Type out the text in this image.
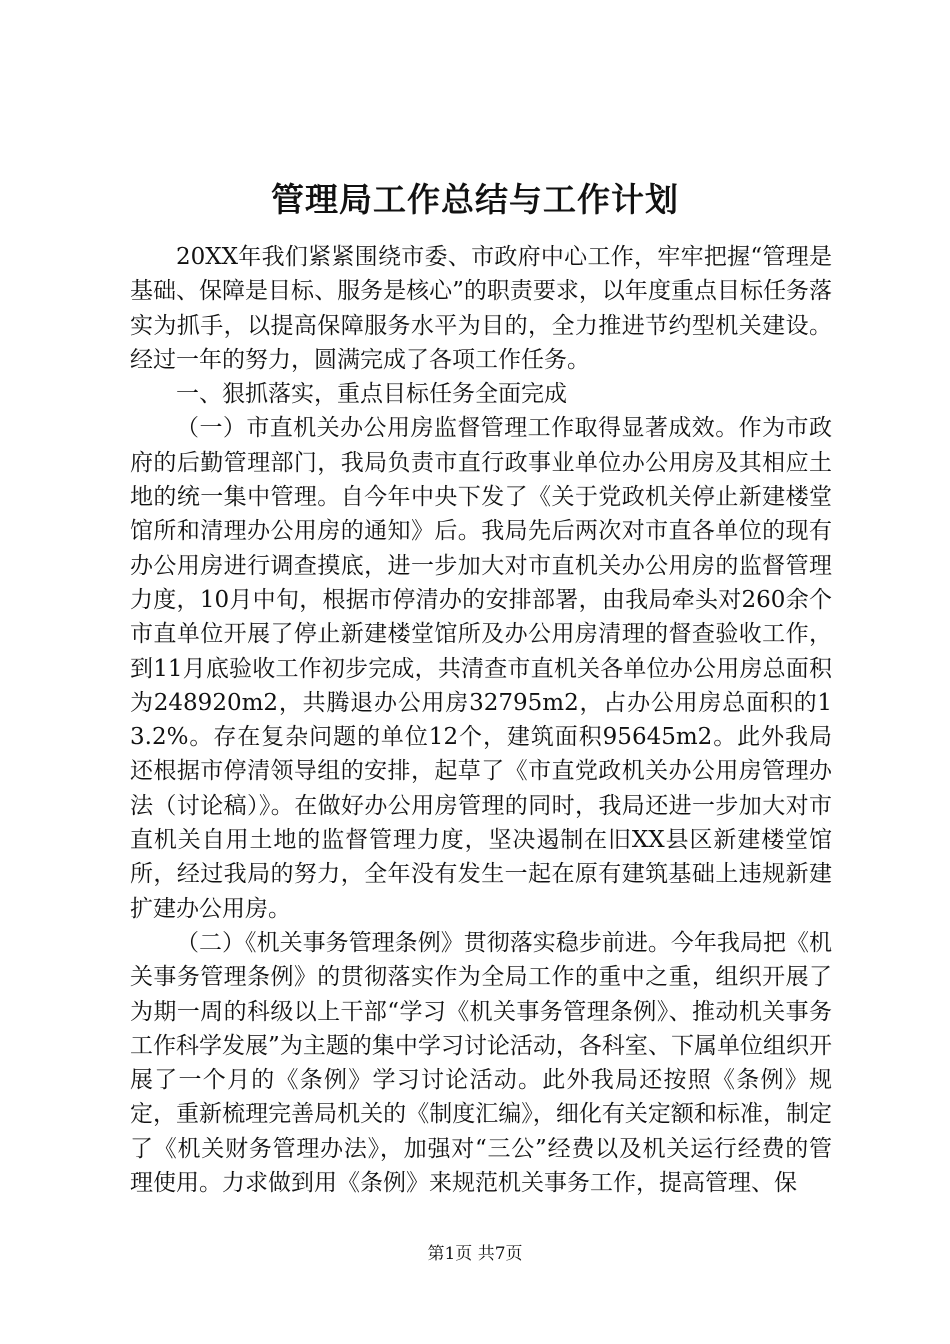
管理局工作总结与工作计划

20XX年我们紧紧围绕市委、市政府中心工作，牢牢把握“管理是基础、保障是目标、服务是核心”的职责要求，以年度重点目标任务落实为抓手，以提高保障服务水平为目的，全力推进节约型机关建设。经过一年的努力，圆满完成了各项工作任务。

一、狠抓落实，重点目标任务全面完成

（一）市直机关办公用房监督管理工作取得显著成效。作为市政府的后勤管理部门，我局负责市直行政事业单位办公用房及其相应土地的统一集中管理。自今年中央下发了《关于党政机关停止新建楼堂馆所和清理办公用房的通知》后。我局先后两次对市直各单位的现有办公用房进行调查摸底，进一步加大对市直机关办公用房的监督管理力度，10月中旬，根据市停清办的安排部署，由我局牵头对260余个市直单位开展了停止新建楼堂馆所及办公用房清理的督查验收工作，到11月底验收工作初步完成，共清查市直机关各单位办公用房总面积为248920m2，共腾退办公用房32795m2，占办公用房总面积的13.2%。存在复杂问题的单位12个，建筑面积95645m2。此外我局还根据市停清领导组的安排，起草了《市直党政机关办公用房管理办法（讨论稿）》。在做好办公用房管理的同时，我局还进一步加大对市直机关自用土地的监督管理力度，坚决遏制在旧XX县区新建楼堂馆所，经过我局的努力，全年没有发生一起在原有建筑基础上违规新建扩建办公用房。

（二）《机关事务管理条例》贯彻落实稳步前进。今年我局把《机关事务管理条例》的贯彻落实作为全局工作的重中之重，组织开展了为期一周的科级以上干部“学习《机关事务管理条例》、推动机关事务工作科学发展”为主题的集中学习讨论活动，各科室、下属单位组织开展了一个月的《条例》学习讨论活动。此外我局还按照《条例》规定，重新梳理完善局机关的《制度汇编》，细化有关定额和标准，制定了《机关财务管理办法》，加强对“三公”经费以及机关运行经费的管理使用。力求做到用《条例》来规范机关事务工作，提高管理、保

第1页 共7页
